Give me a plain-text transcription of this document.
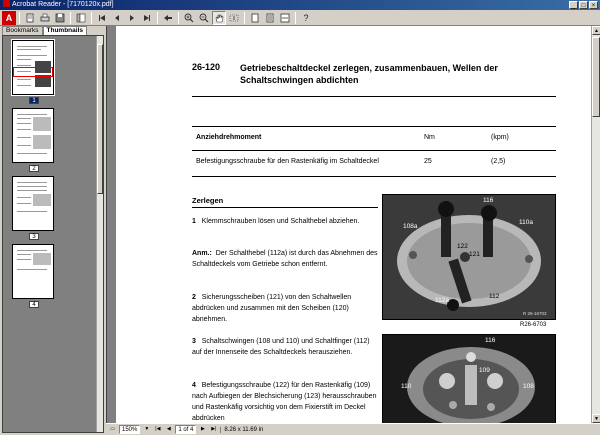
Acrobat Reader - [7170120x.pdf]	_	□	×
A	?
Bookmarks	Thumbnails
1
2
3
4
26-120 Getriebeschaltdeckel zerlegen, zusammenbauen, Wellen der Schaltschwingen abdichten
Anziehdrehmoment	Nm	(kpm)
Befestigungsschraube für den Rastenkäfig im Schaltdeckel	25	(2,5)
Zerlegen
1 Klemmschrauben lösen und Schalthebel abziehen.
Anm.: Der Schalthebel (112a) ist durch das Abnehmen des Schaltdeckels vom Getriebe schon entfernt.
2 Sicherungsscheiben (121) von den Schaltwellen abdrücken und zusammen mit den Scheiben (120) abnehmen.
3 Schaltschwingen (108 und 110) und Schaltfinger (112) auf der Innenseite des Schaltdeckels herausziehen.
4 Befestigungsschraube (122) für den Rastenkäfig (109) nach Aufbiegen der Blechsicherung (123) herausschrauben und Rastenkäfig vorsichtig von dem Fixierstift im Deckel abdrücken
116
108a
110a
122
121
112a
112
R 26-16703
R26-6703
116
109
110	108
▲
▼
▭	150%	▼	|◀	◀	1 of 4	▶	▶|	8.26 x 11.69 in
